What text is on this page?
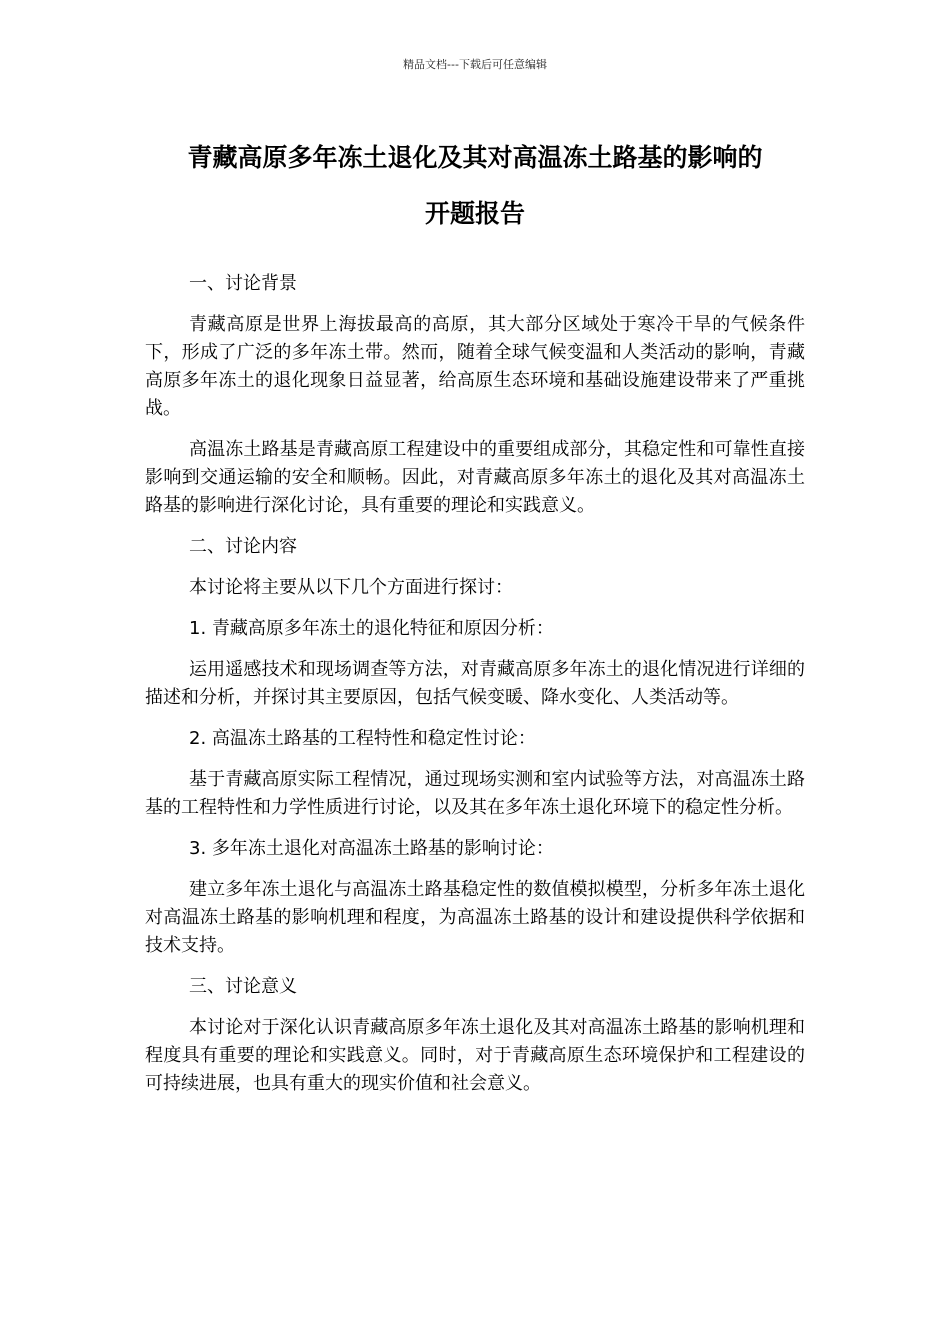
精品文档---下载后可任意编辑
青藏高原多年冻土退化及其对高温冻土路基的影响的
开题报告

一、讨论背景

青藏高原是世界上海拔最高的高原，其大部分区域处于寒冷干旱的气候条件下，形成了广泛的多年冻土带。然而，随着全球气候变温和人类活动的影响，青藏高原多年冻土的退化现象日益显著，给高原生态环境和基础设施建设带来了严重挑战。

高温冻土路基是青藏高原工程建设中的重要组成部分，其稳定性和可靠性直接影响到交通运输的安全和顺畅。因此，对青藏高原多年冻土的退化及其对高温冻土路基的影响进行深化讨论，具有重要的理论和实践意义。

二、讨论内容

本讨论将主要从以下几个方面进行探讨：

1. 青藏高原多年冻土的退化特征和原因分析：

运用遥感技术和现场调查等方法，对青藏高原多年冻土的退化情况进行详细的描述和分析，并探讨其主要原因，包括气候变暖、降水变化、人类活动等。

2. 高温冻土路基的工程特性和稳定性讨论：

基于青藏高原实际工程情况，通过现场实测和室内试验等方法，对高温冻土路基的工程特性和力学性质进行讨论，以及其在多年冻土退化环境下的稳定性分析。

3. 多年冻土退化对高温冻土路基的影响讨论：

建立多年冻土退化与高温冻土路基稳定性的数值模拟模型，分析多年冻土退化对高温冻土路基的影响机理和程度，为高温冻土路基的设计和建设提供科学依据和技术支持。

三、讨论意义

本讨论对于深化认识青藏高原多年冻土退化及其对高温冻土路基的影响机理和程度具有重要的理论和实践意义。同时，对于青藏高原生态环境保护和工程建设的可持续进展，也具有重大的现实价值和社会意义。
